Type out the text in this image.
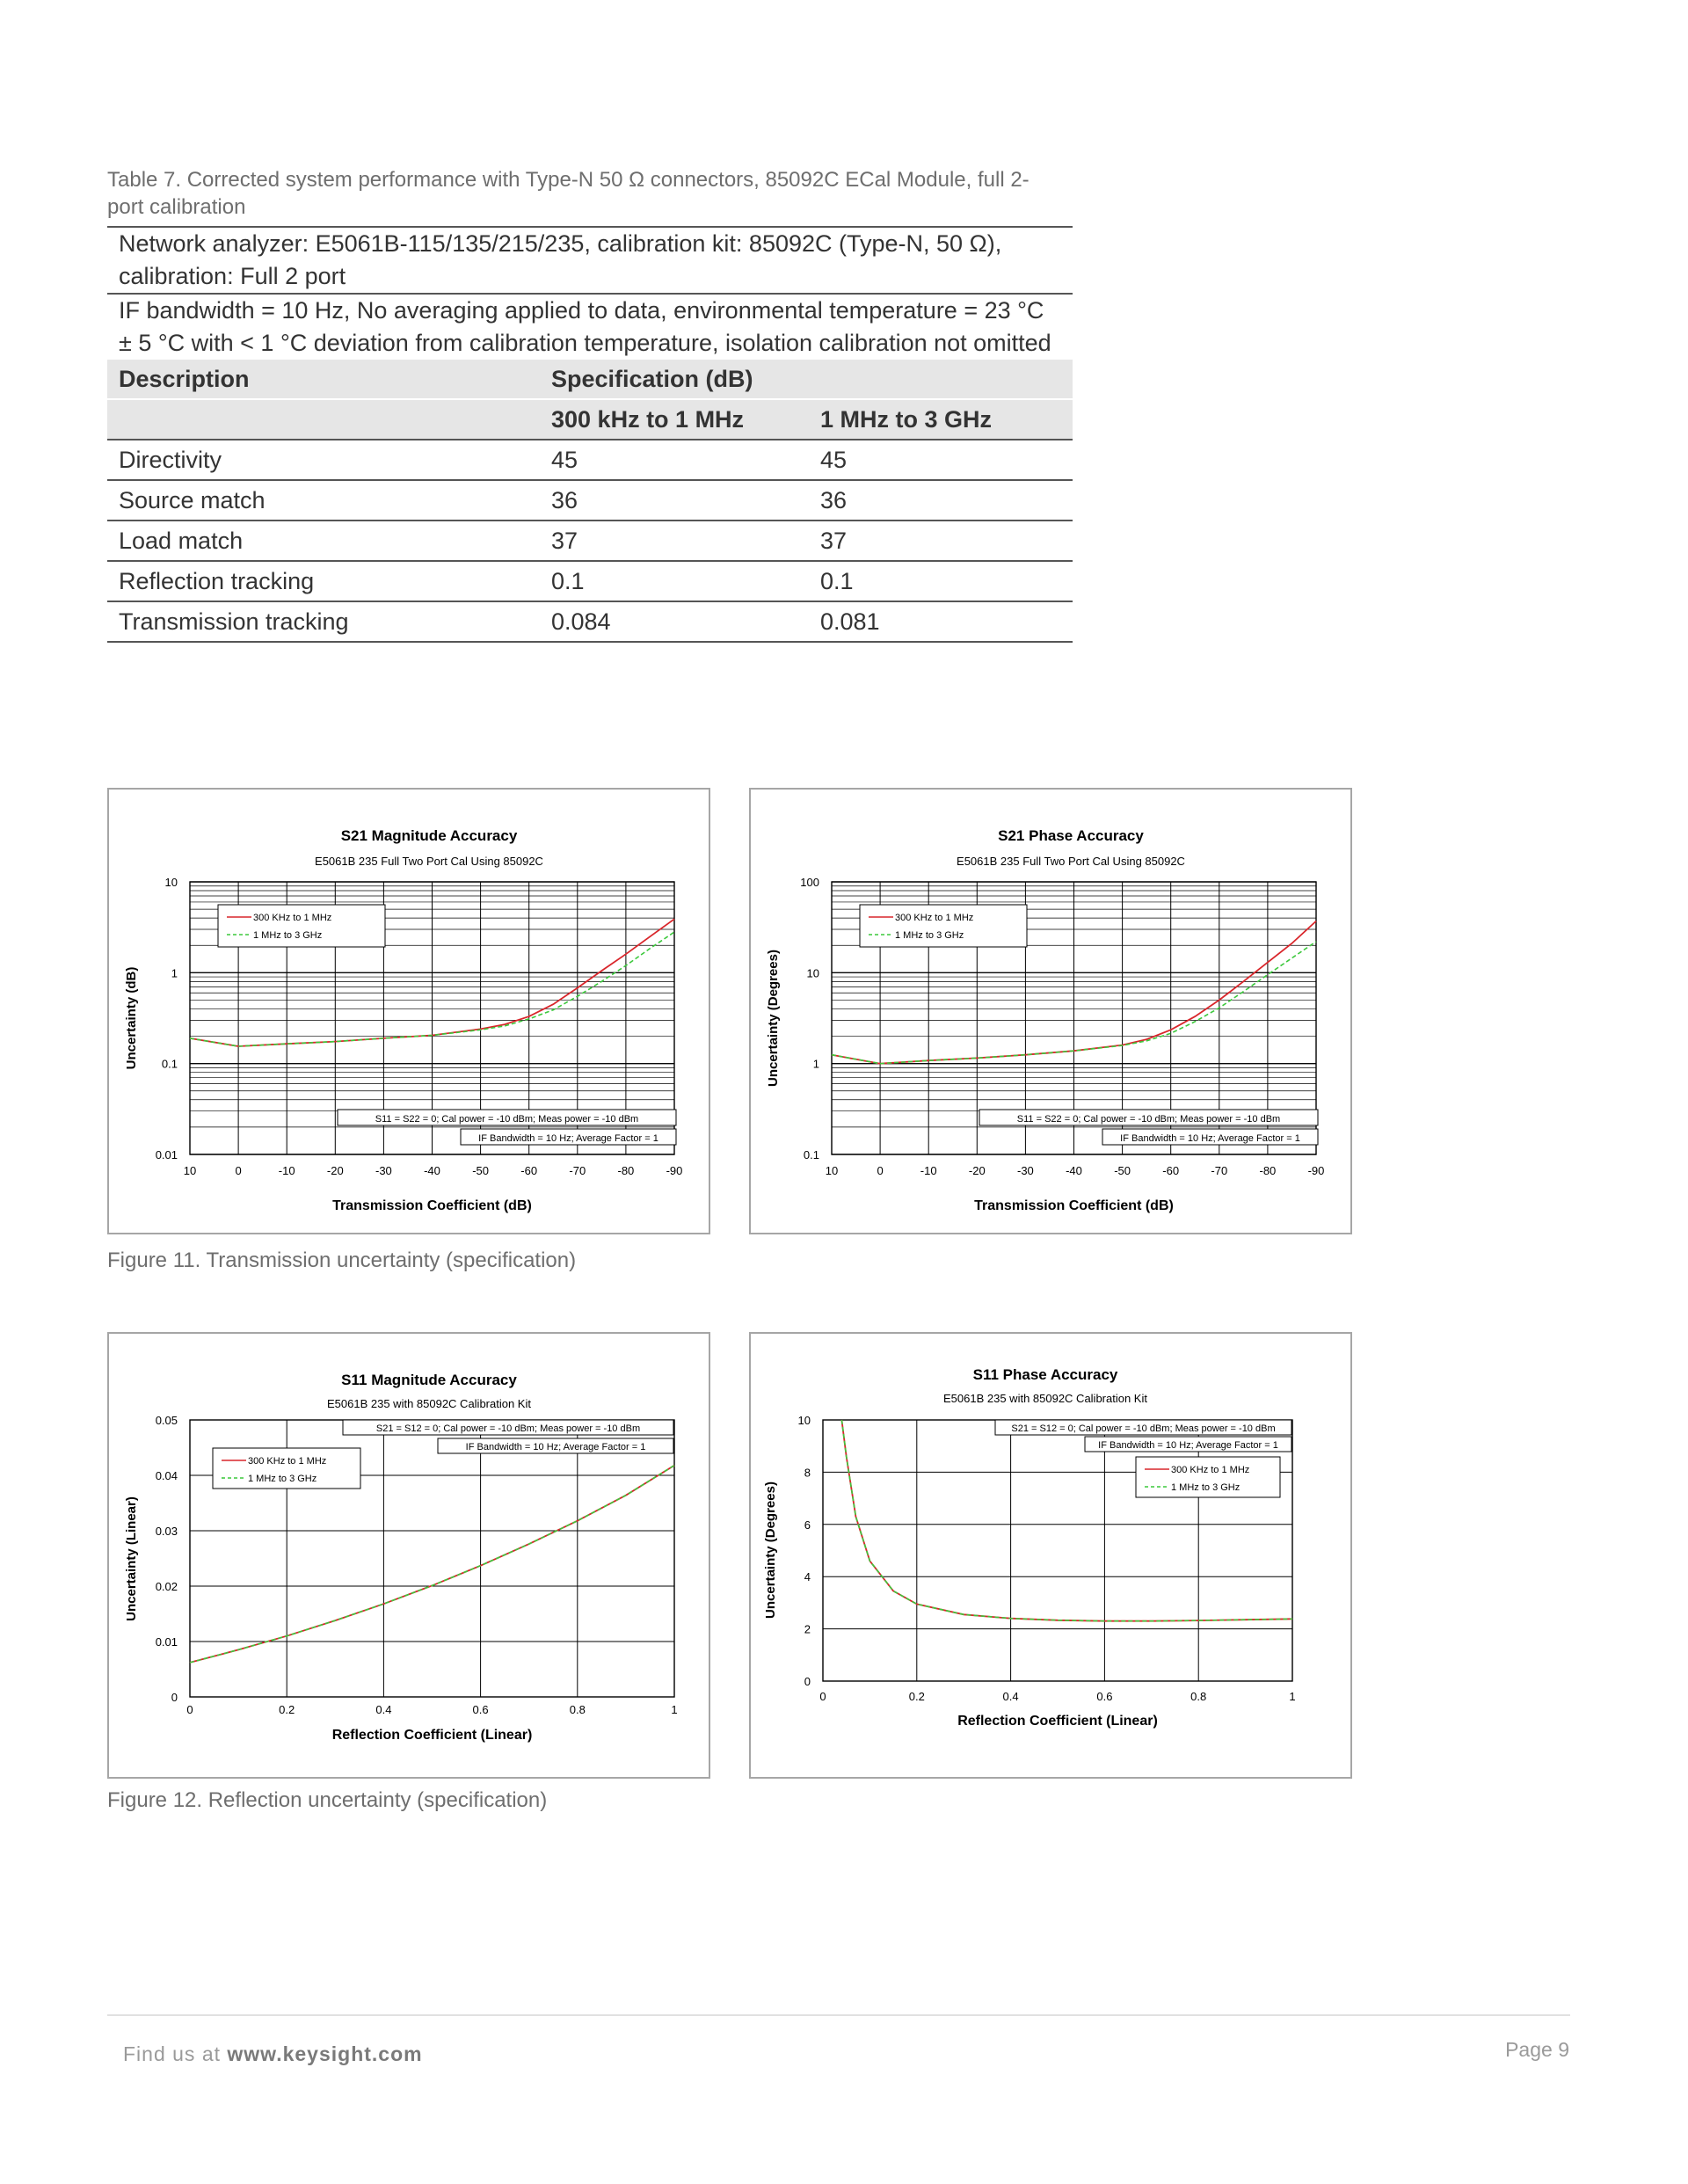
Table 7. Corrected system performance with Type-N 50 Ω connectors, 85092C ECal Module, full 2-port calibration
Network analyzer: E5061B-115/135/215/235, calibration kit: 85092C (Type-N, 50 Ω), calibration: Full 2 port		
IF bandwidth = 10 Hz, No averaging applied to data, environmental temperature = 23 °C ± 5 °C with < 1 °C deviation from calibration temperature, isolation calibration not omitted		
Description	Specification (dB)	
	300 kHz to 1 MHz	1 MHz to 3 GHz
Directivity	45	45
Source match	36	36
Load match	37	37
Reflection tracking	0.1	0.1
Transmission tracking	0.084	0.081
S21 Magnitude Accuracy
E5061B 235 Full Two Port Cal Using 85092C
10	0	-10	-20	-30	-40	-50	-60	-70	-80	-90
10
1
0.1
0.01
Transmission Coefficient (dB)
Uncertainty (dB)
300 KHz to 1 MHz
1 MHz to 3 GHz
S11 = S22 = 0; Cal power = -10 dBm; Meas power = -10 dBm
IF Bandwidth = 10 Hz; Average Factor = 1
S21 Phase Accuracy
E5061B 235 Full Two Port Cal Using 85092C
10	0	-10	-20	-30	-40	-50	-60	-70	-80	-90
100
10
1
0.1
Transmission Coefficient (dB)
Uncertainty (Degrees)
300 KHz to 1 MHz
1 MHz to 3 GHz
S11 = S22 = 0; Cal power = -10 dBm; Meas power = -10 dBm
IF Bandwidth = 10 Hz; Average Factor = 1
Figure 11. Transmission uncertainty (specification)
S11 Magnitude Accuracy
E5061B 235 with 85092C Calibration Kit
0	0.2	0.4	0.6	0.8	1
0.05
0.04
0.03
0.02
0.01
0
Reflection Coefficient (Linear)
Uncertainty (Linear)
300 KHz to 1 MHz
1 MHz to 3 GHz
S21 = S12 = 0; Cal power = -10 dBm; Meas power = -10 dBm
IF Bandwidth = 10 Hz; Average Factor = 1
S11 Phase Accuracy
E5061B 235 with 85092C Calibration Kit
0	0.2	0.4	0.6	0.8	1
10
8
6
4
2
0
Reflection Coefficient (Linear)
Uncertainty (Degrees)
300 KHz to 1 MHz
1 MHz to 3 GHz
S21 = S12 = 0; Cal power = -10 dBm; Meas power = -10 dBm
IF Bandwidth = 10 Hz; Average Factor = 1
Figure 12. Reflection uncertainty (specification)
Find us at www.keysight.com	Page 9
